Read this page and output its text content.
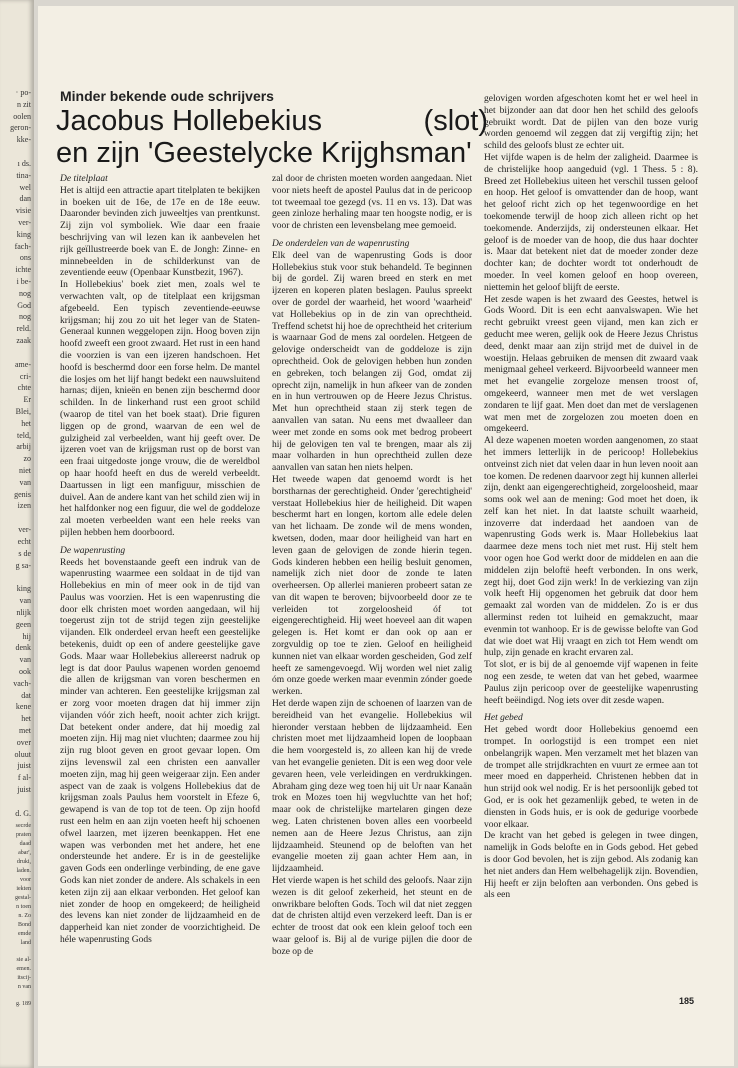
· po-
n zit
oolen
geron-
kke-
ı ds.
tina-
wel
dan
visie
ver-
king
fach-
ons
ichte
i be-
nog
God
nog
reld.
zaak
ame-
cri-
chte
Er
Blei,
het
teld,
arbij
zo
niet
van
genis
izen
ver-
echt
s de
g sa-
king
van
nlijk
geen
hij
denk
van
ook
vach-
dat
kene
het
met
over
oluut
juist
f al-
juist
d. G.
secrde
praten
daad
abar',
druki,
laden.
voor
iekten
gestal-
n toen
n. Zo
Bond
emde
land
sie al-
emen.
itscij-
n van
g. 189
Minder bekende oude schrijvers
Jacobus Hollebekius	(slot)
en zijn 'Geestelycke Krijghsman'

De titelplaat

Het is altijd een attractie apart titelplaten te bekijken in boeken uit de 16e, de 17e en de 18e eeuw. Daaronder bevinden zich juweeltjes van prentkunst. Zij zijn vol symboliek. Wie daar een fraaie beschrijving van wil lezen kan ik aanbevelen het rijk geïllustreerde boek van E. de Jongh: Zinne- en minnebeelden in de schilderkunst van de zeventiende eeuw (Openbaar Kunstbezit, 1967).

In Hollebekius' boek ziet men, zoals wel te verwachten valt, op de titelplaat een krijgsman afgebeeld. Een typisch zeventiende-eeuwse krijgsman; hij zou zo uit het leger van de Staten-Generaal kunnen weggelopen zijn. Hoog boven zijn hoofd zweeft een groot zwaard. Het rust in een hand die voorzien is van een ijzeren handschoen. Het hoofd is beschermd door een forse helm. De mantel die losjes om het lijf hangt bedekt een nauwsluitend harnas; dijen, knieën en benen zijn beschermd door schilden. In de linkerhand rust een groot schild (waarop de titel van het boek staat). Drie figuren liggen op de grond, waarvan de een wel de gulzigheid zal verbeelden, want hij geeft over. De ijzeren voet van de krijgsman rust op de borst van een fraai uitgedoste jonge vrouw, die de wereldbol op haar hoofd heeft en dus de wereld verbeeldt. Daartussen in ligt een manfiguur, misschien de duivel. Aan de andere kant van het schild zien wij in het halfdonker nog een figuur, die wel de goddeloze zal moeten verbeelden want een hele reeks van pijlen hebben hem doorboord.

De wapenrusting

Reeds het bovenstaande geeft een indruk van de wapenrusting waarmee een soldaat in de tijd van Hollebekius en min of meer ook in de tijd van Paulus was voorzien. Het is een wapenrusting die door elk christen moet worden aangedaan, wil hij toegerust zijn tot de strijd tegen zijn geestelijke vijanden. Elk onderdeel ervan heeft een geestelijke betekenis, duidt op een of andere geestelijke gave Gods. Maar waar Hollebekius allereerst nadruk op legt is dat door Paulus wapenen worden genoemd die allen de krijgsman van voren beschermen en minder van achteren. Een geestelijke krijgsman zal er zorg voor moeten dragen dat hij immer zijn vijanden vóór zich heeft, nooit achter zich krijgt. Dat betekent onder andere, dat hij moedig zal moeten zijn. Hij mag niet vluchten; daarmee zou hij zijn rug bloot geven en groot gevaar lopen. Om zijns levenswil zal een christen een aanvaller moeten zijn, mag hij geen weigeraar zijn. Een ander aspect van de zaak is volgens Hollebekius dat de krijgsman zoals Paulus hem voorstelt in Efeze 6, gewapend is van de top tot de teen. Op zijn hoofd rust een helm en aan zijn voeten heeft hij schoenen ofwel laarzen, met ijzeren beenkappen. Het ene wapen was verbonden met het andere, het ene ondersteunde het andere. Er is in de geestelijke gaven Gods een onderlinge verbinding, de ene gave Gods kan niet zonder de andere. Als schakels in een keten zijn zij aan elkaar verbonden. Het geloof kan niet zonder de hoop en omgekeerd; de heiligheid des levens kan niet zonder de lijdzaamheid en de dapperheid kan niet zonder de voorzichtigheid. De héle wapenrusting Gods

zal door de christen moeten worden aangedaan. Niet voor niets heeft de apostel Paulus dat in de pericoop tot tweemaal toe gezegd (vs. 11 en vs. 13). Dat was geen zinloze herhaling maar ten hoogste nodig, er is voor de christen een levensbelang mee gemoeid.

De onderdelen van de wapenrusting

Elk deel van de wapenrusting Gods is door Hollebekius stuk voor stuk behandeld. Te beginnen bij de gordel. Zij waren breed en sterk en met ijzeren en koperen platen beslagen. Paulus spreekt over de gordel der waarheid, het woord 'waarheid' vat Hollebekius op in de zin van oprechtheid. Treffend schetst hij hoe de oprechtheid het criterium is waarnaar God de mens zal oordelen. Hetgeen de gelovige onderscheidt van de goddeloze is zijn oprechtheid. Ook de gelovigen hebben hun zonden en gebreken, toch belangen zij God, omdat zij oprecht zijn, namelijk in hun afkeer van de zonden en in hun vertrouwen op de Heere Jezus Christus. Met hun oprechtheid staan zij sterk tegen de aanvallen van satan. Nu eens met dwaalleer dan weer met zonde en soms ook met bedrog probeert hij de gelovigen ten val te brengen, maar als zij maar volharden in hun oprechtheid zullen deze aanvallen van satan hen niets helpen.

Het tweede wapen dat genoemd wordt is het borstharnas der gerechtigheid. Onder 'gerechtigheid' verstaat Hollebekius hier de heiligheid. Dit wapen beschermt hart en longen, kortom alle edele delen van het lichaam. De zonde wil de mens wonden, kwetsen, doden, maar door heiligheid van hart en leven gaan de gelovigen de zonde hierin tegen. Gods kinderen hebben een heilig besluit genomen, namelijk zich niet door de zonde te laten overheersen. Op allerlei manieren probeert satan ze van dit wapen te beroven; bijvoorbeeld door ze te verleiden tot zorgeloosheid óf tot eigengerechtigheid. Hij weet hoeveel aan dit wapen gelegen is. Het komt er dan ook op aan er zorgvuldig op toe te zien. Geloof en heiligheid kunnen niet van elkaar worden gescheiden, God zelf heeft ze samengevoegd. Wij worden wel niet zalig óm onze goede werken maar evenmin zónder goede werken.

Het derde wapen zijn de schoenen of laarzen van de bereidheid van het evangelie. Hollebekius wil hieronder verstaan hebben de lijdzaamheid. Een christen moet met lijdzaamheid lopen de loopbaan die hem voorgesteld is, zo alleen kan hij de vrede van het evangelie genieten. Dit is een weg door vele gevaren heen, vele verleidingen en verdrukkingen. Abraham ging deze weg toen hij uit Ur naar Kanaän trok en Mozes toen hij wegvluchtte van het hof; maar ook de christelijke martelaren gingen deze weg. Laten christenen boven alles een voorbeeld nemen aan de Heere Jezus Christus, aan zijn lijdzaamheid. Steunend op de beloften van het evangelie moeten zij gaan achter Hem aan, in lijdzaamheid.

Het vierde wapen is het schild des geloofs. Naar zijn wezen is dit geloof zekerheid, het steunt en de onwrikbare beloften Gods. Toch wil dat niet zeggen dat de christen altijd even verzekerd leeft. Dan is er echter de troost dat ook een klein geloof toch een waar geloof is. Bij al de vurige pijlen die door de boze op de

gelovigen worden afgeschoten komt het er wel heel in het bijzonder aan dat door hen het schild des geloofs gebruikt wordt. Dat de pijlen van den boze vurig worden genoemd wil zeggen dat zij vergiftig zijn; het schild des geloofs blust ze echter uit.

Het vijfde wapen is de helm der zaligheid. Daarmee is de christelijke hoop aangeduid (vgl. 1 Thess. 5 : 8). Breed zet Hollebekius uiteen het verschil tussen geloof en hoop. Het geloof is omvattender dan de hoop, want het geloof richt zich op het tegenwoordige en het toekomende terwijl de hoop zich alleen richt op het toekomende. Anderzijds, zij ondersteunen elkaar. Het geloof is de moeder van de hoop, die dus haar dochter is. Maar dat betekent niet dat de moeder zonder deze dochter kan; de dochter wordt tot onderhoudt de moeder. In veel komen geloof en hoop overeen, niettemin het geloof blijft de eerste.

Het zesde wapen is het zwaard des Geestes, hetwel is Gods Woord. Dit is een echt aanvalswapen. Wie het recht gebruikt vreest geen vijand, men kan zich er geducht mee weren, gelijk ook de Heere Jezus Christus deed, denkt maar aan zijn strijd met de duivel in de woestijn. Helaas gebruiken de mensen dit zwaard vaak menigmaal geheel verkeerd. Bijvoorbeeld wanneer men met het evangelie zorgeloze mensen troost of, omgekeerd, wanneer men met de wet verslagen zondaren te lijf gaat. Men doet dan met de verslagenen wat men met de zorgelozen zou moeten doen en omgekeerd.

Al deze wapenen moeten worden aangenomen, zo staat het immers letterlijk in de pericoop! Hollebekius ontveinst zich niet dat velen daar in hun leven nooit aan toe komen. De redenen daarvoor zegt hij kunnen allerlei zijn, denkt aan eigengerechtigheid, zorgeloosheid, maar soms ook wel aan de mening: God moet het doen, ik zelf kan het niet. In dat laatste schuilt waarheid, inzoverre dat inderdaad het aandoen van de wapenrusting Gods werk is. Maar Hollebekius laat daarmee deze mens toch niet met rust. Hij stelt hem voor ogen hoe God werkt door de middelen en aan die middelen zijn beloftë heeft verbonden. In ons werk, zegt hij, doet God zijn werk! In de verkiezing van zijn volk heeft Hij opgenomen het gebruik dat door hem gemaakt zal worden van de middelen. Zo is er dus allerminst reden tot luiheid en gemakzucht, maar evenmin tot wanhoop. Er is de gewisse belofte van God dat wie doet wat Hij vraagt en zich tot Hem wendt om hulp, zijn genade en kracht ervaren zal.

Tot slot, er is bij de al genoemde vijf wapenen in feite nog een zesde, te weten dat van het gebed, waarmee Paulus zijn pericoop over de geestelijke wapenrusting heeft beëindigd. Nog iets over dit zesde wapen.

Het gebed

Het gebed wordt door Hollebekius genoemd een trompet. In oorlogstijd is een trompet een niet onbelangrijk wapen. Men verzamelt met het blazen van de trompet alle strijdkrachten en vuurt ze ermee aan tot meer moed en dapperheid. Christenen hebben dat in hun strijd ook wel nodig. Er is het persoonlijk gebed tot God, er is ook het gezamenlijk gebed, te weten in de diensten in Gods huis, er is ook de gedurige voorbede voor elkaar.

De kracht van het gebed is gelegen in twee dingen, namelijk in Gods belofte en in Gods gebod. Het gebed is door God bevolen, het is zijn gebod. Als zodanig kan het niet anders dan Hem welbehagelijk zijn. Bovendien, Hij heeft er zijn beloften aan verbonden. Ons gebed is als een

185
